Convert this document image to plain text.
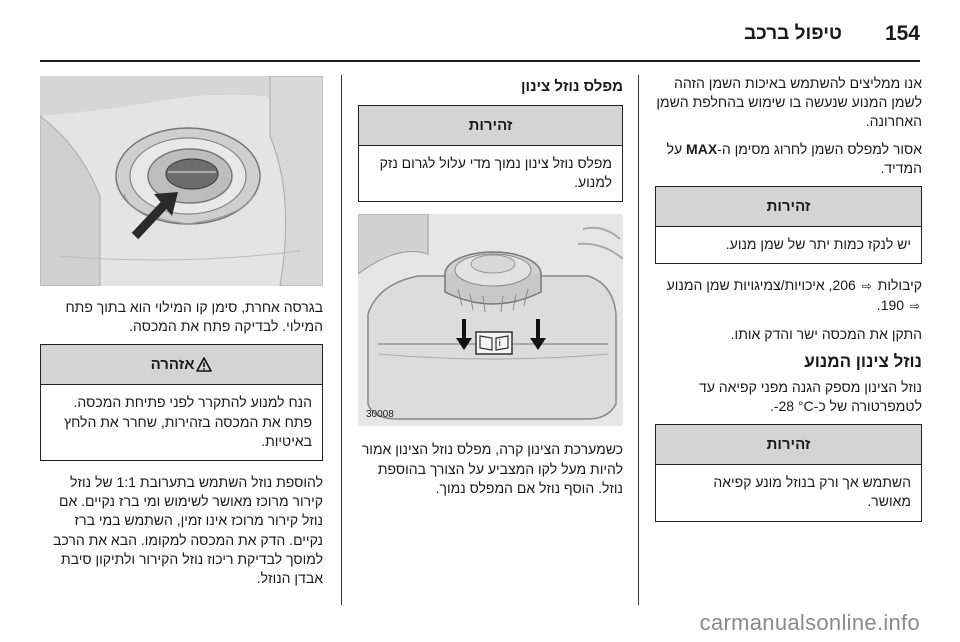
154
טיפול ברכב

אנו ממליצים להשתמש באיכות השמן הזהה לשמן המנוע שנעשה בו שימוש בהחלפת השמן האחרונה.

אסור למפלס השמן לחרוג מסימן ה-MAX על המדיד.

זהירות
יש לנקז כמות יתר של שמן מנוע.

קיבולות ⇨ 206, איכויות/צמיגויות שמן המנוע ⇨ 190.

התקן את המכסה ישר והדק אותו.

נוזל צינון המנוע

נוזל הצינון מספק הגנה מפני קפיאה עד לטמפרטורה של כ-‎-28 °C.

זהירות
השתמש אך ורק בנוזל מונע קפיאה מאושר.
מפלס נוזל צינון
זהירות
מפלס נוזל צינון נמוך מדי עלול לגרום נזק למנוע.
i
30008

כשמערכת הצינון קרה, מפלס נוזל הצינון אמור להיות מעל לקו המצביע על הצורך בהוספת נוזל. הוסף נוזל אם המפלס נמוך.

בגרסה אחרת, סימן קו המילוי הוא בתוך פתח המילוי. לבדיקה פתח את המכסה.

אזהרה
הנח למנוע להתקרר לפני פתיחת המכסה. פתח את המכסה בזהירות, שחרר את הלחץ באיטיות.

להוספת נוזל השתמש בתערובת 1:1 של נוזל קירור מרוכז מאושר לשימוש ומי ברז נקיים. אם נוזל קירור מרוכז אינו זמין, השתמש במי ברז נקיים. הדק את המכסה למקומו. הבא את הרכב למוסך לבדיקת ריכוז נוזל הקירור ולתיקון סיבת אבדן הנוזל.

carmanualsonline.info
